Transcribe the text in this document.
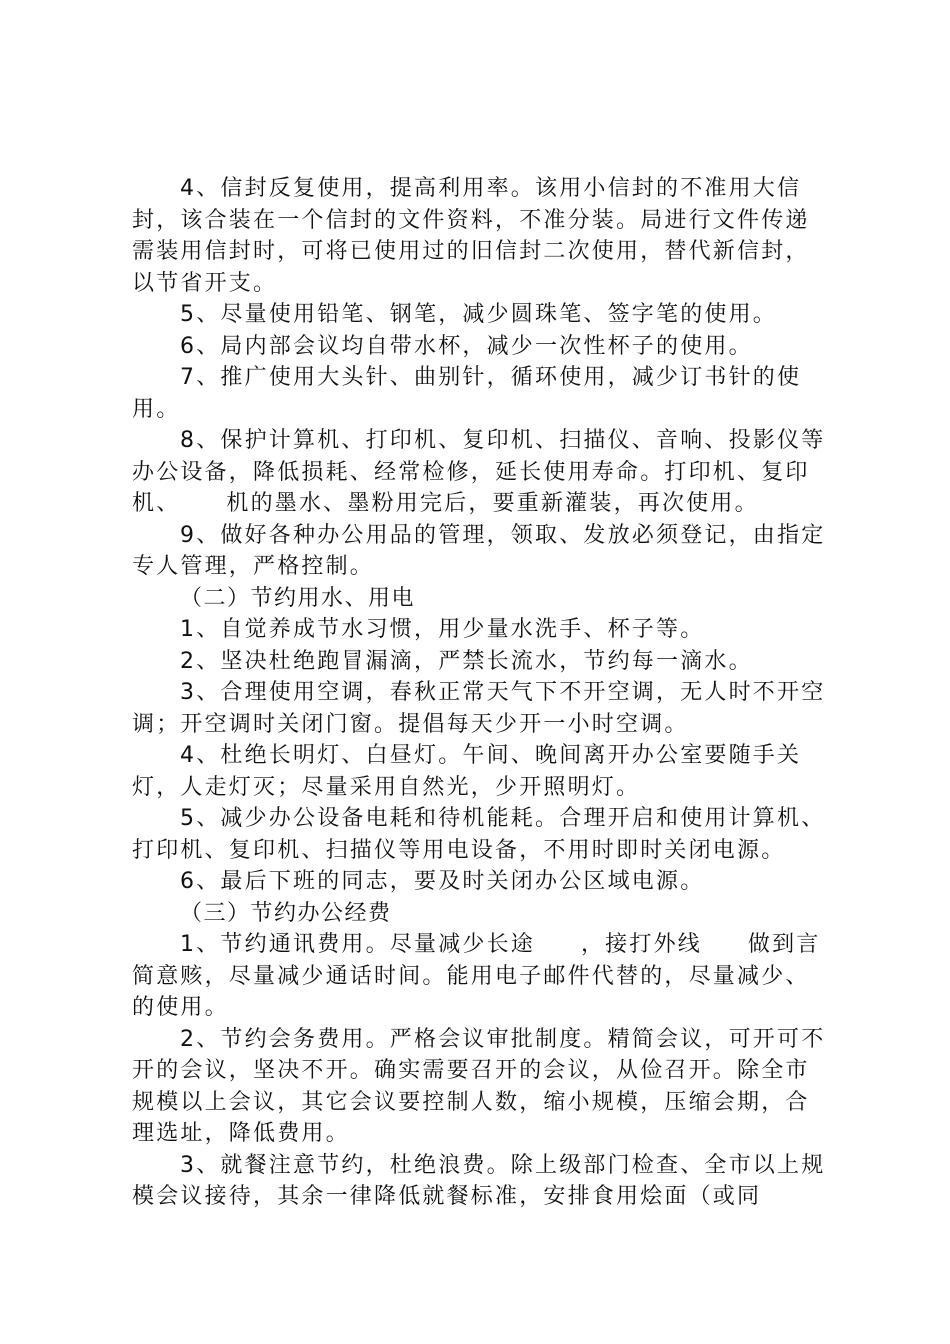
4、信封反复使用，提高利用率。该用小信封的不准用大信封，该合装在一个信封的文件资料，不准分装。局进行文件传递需装用信封时，可将已使用过的旧信封二次使用，替代新信封，以节省开支。

5、尽量使用铅笔、钢笔，减少圆珠笔、签字笔的使用。

6、局内部会议均自带水杯，减少一次性杯子的使用。

7、推广使用大头针、曲别针，循环使用，减少订书针的使用。

8、保护计算机、打印机、复印机、扫描仪、音响、投影仪等办公设备，降低损耗、经常检修，延长使用寿命。打印机、复印机、     机的墨水、墨粉用完后，要重新灌装，再次使用。

9、做好各种办公用品的管理，领取、发放必须登记，由指定专人管理，严格控制。

（二）节约用水、用电

1、自觉养成节水习惯，用少量水洗手、杯子等。

2、坚决杜绝跑冒漏滴，严禁长流水，节约每一滴水。

3、合理使用空调，春秋正常天气下不开空调，无人时不开空调；开空调时关闭门窗。提倡每天少开一小时空调。

4、杜绝长明灯、白昼灯。午间、晚间离开办公室要随手关灯，人走灯灭；尽量采用自然光，少开照明灯。

5、减少办公设备电耗和待机能耗。合理开启和使用计算机、打印机、复印机、扫描仪等用电设备，不用时即时关闭电源。

6、最后下班的同志，要及时关闭办公区域电源。

（三）节约办公经费

1、节约通讯费用。尽量减少长途     ，接打外线     做到言简意赅，尽量减少通话时间。能用电子邮件代替的，尽量减少、     的使用。

2、节约会务费用。严格会议审批制度。精简会议，可开可不开的会议，坚决不开。确实需要召开的会议，从俭召开。除全市规模以上会议，其它会议要控制人数，缩小规模，压缩会期，合理选址，降低费用。

3、就餐注意节约，杜绝浪费。除上级部门检查、全市以上规模会议接待，其余一律降低就餐标准，安排食用烩面（或同
